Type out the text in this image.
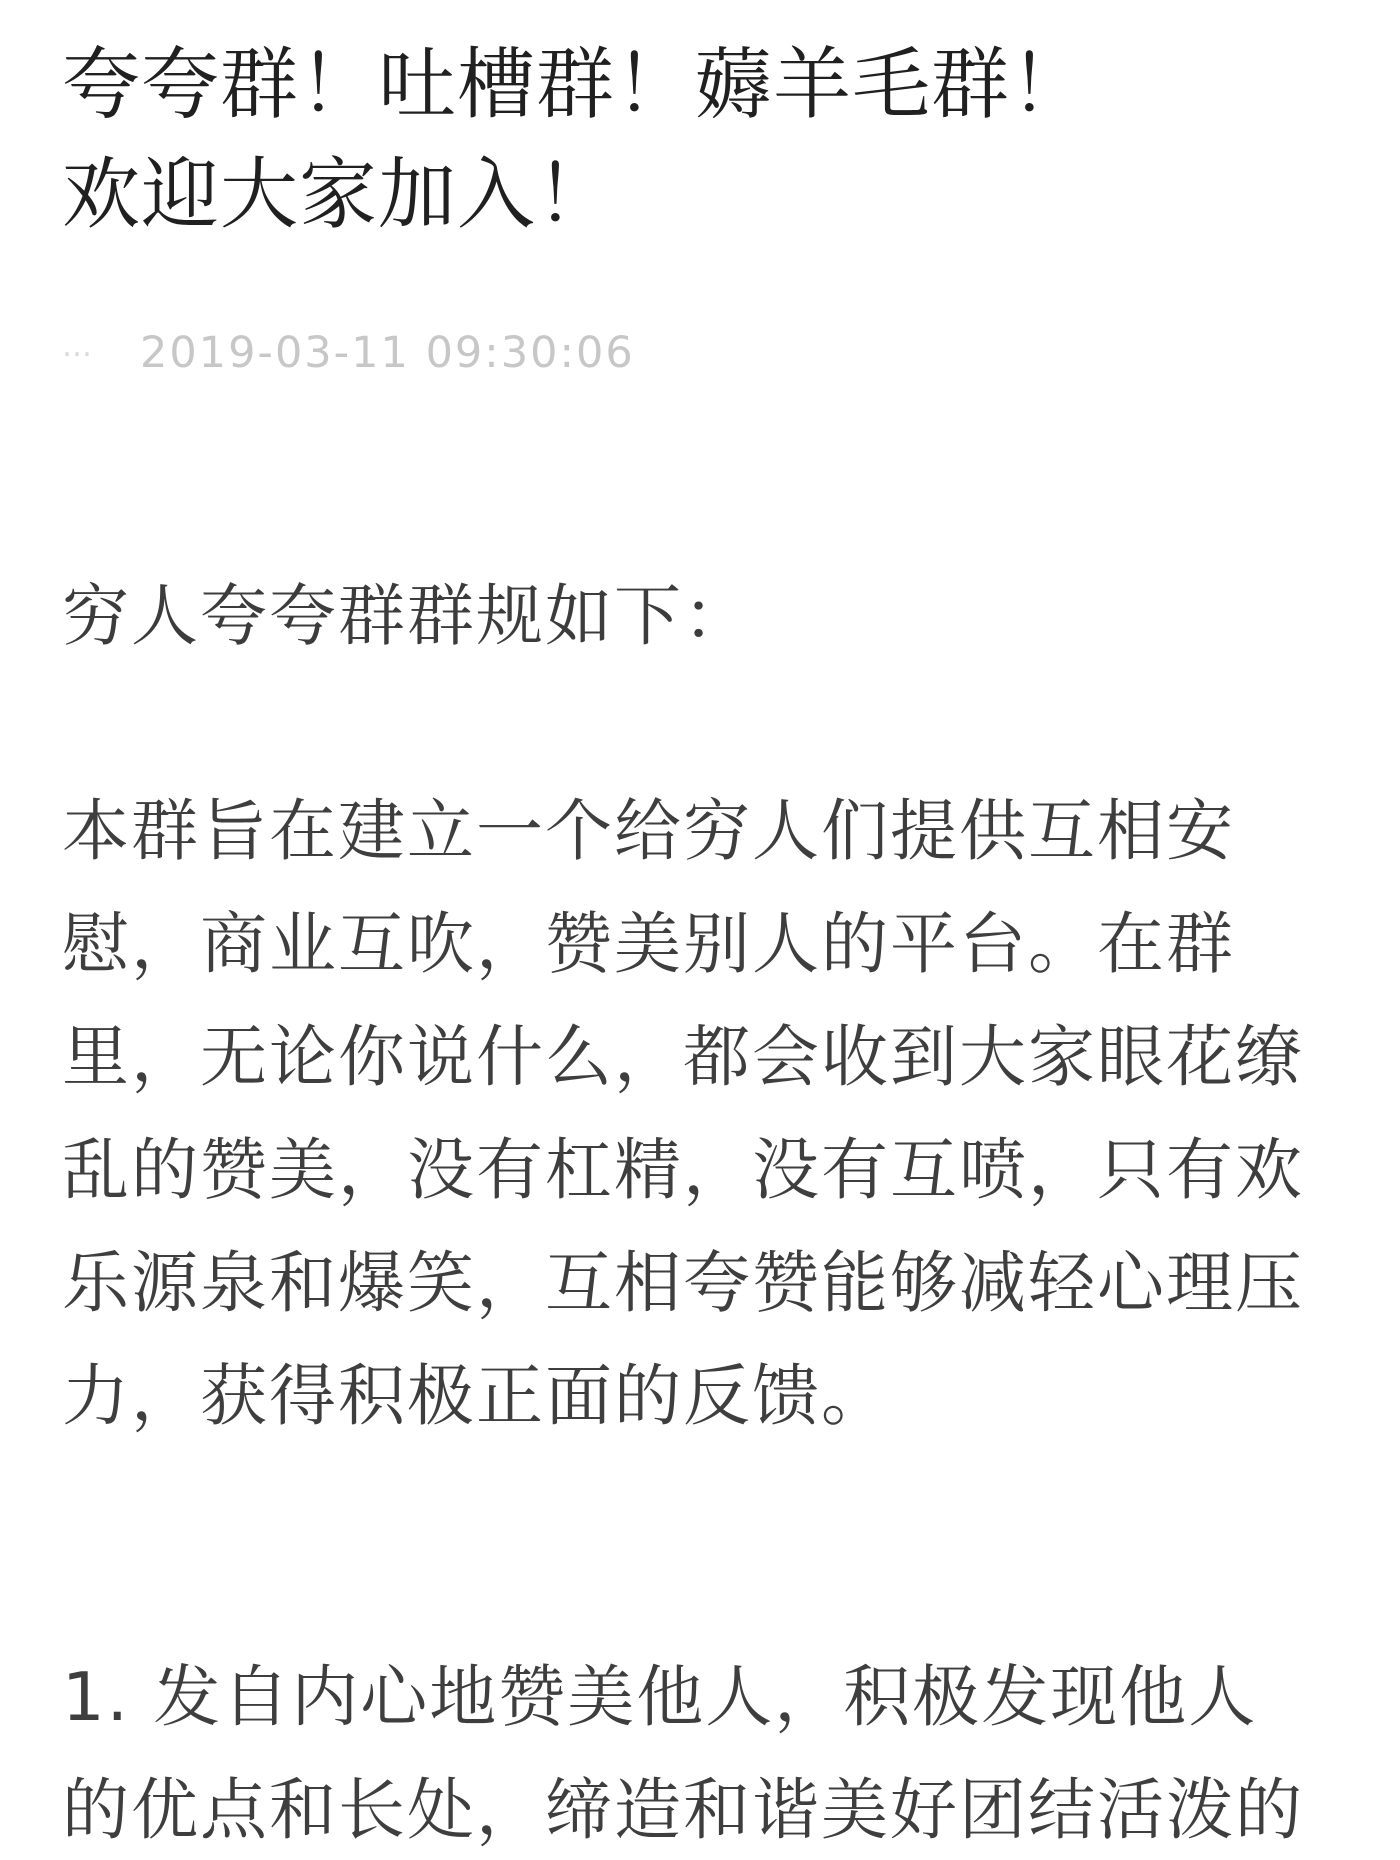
夸夸群！吐槽群！薅羊毛群！
欢迎大家加入！
…	2019-03-11 09:30:06
穷人夸夸群群规如下：
本群旨在建立一个给穷人们提供互相安
慰，商业互吹，赞美别人的平台。在群
里，无论你说什么，都会收到大家眼花缭
乱的赞美，没有杠精，没有互喷，只有欢
乐源泉和爆笑，互相夸赞能够减轻心理压
力，获得积极正面的反馈。
1. 发自内心地赞美他人，积极发现他人
的优点和长处，缔造和谐美好团结活泼的
